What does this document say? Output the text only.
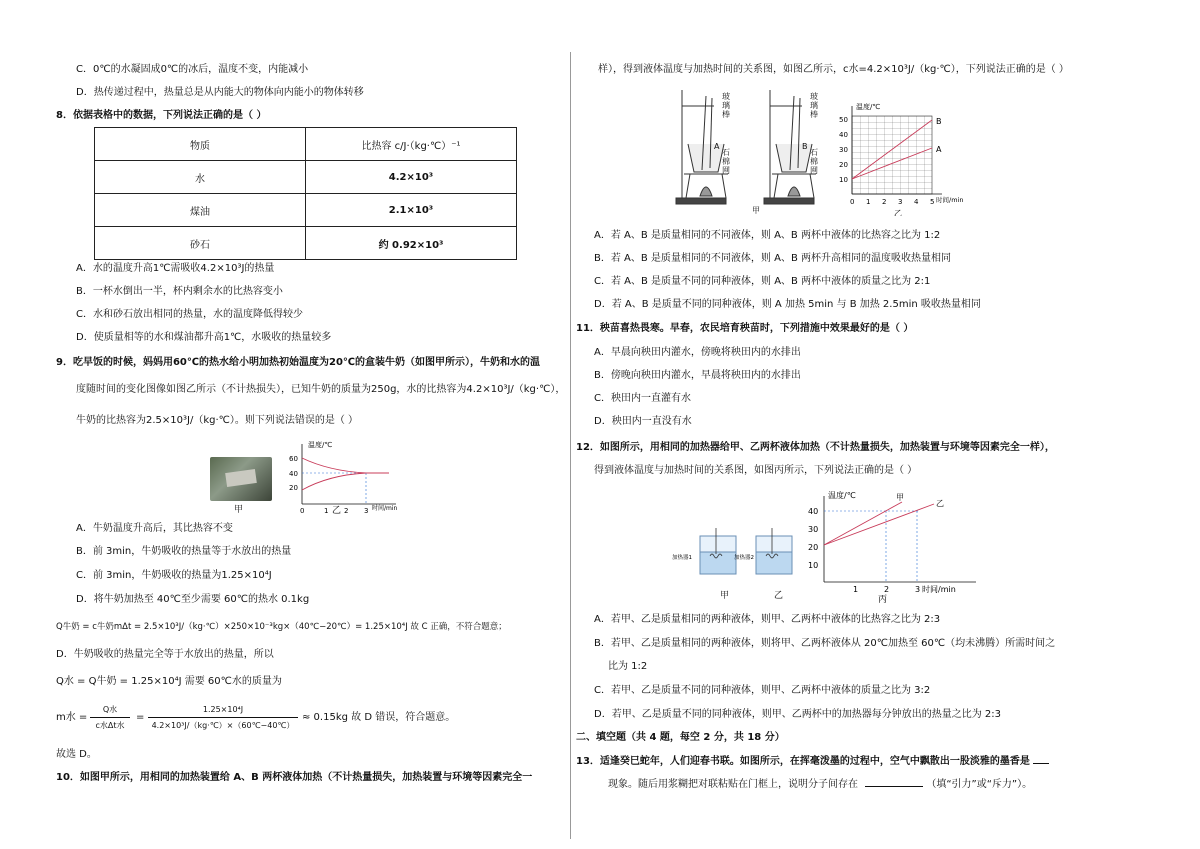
C．0℃的水凝固成0℃的冰后，温度不变，内能减小
D．热传递过程中，热量总是从内能大的物体向内能小的物体转移
8．依据表格中的数据，下列说法正确的是（ ）
物质	比热容 c/J·（kg·℃）⁻¹
水	4.2×10³
煤油	2.1×10³
砂石	约 0.92×10³
A．水的温度升高1℃需吸收4.2×10³J的热量
B．一杯水倒出一半，杯内剩余水的比热容变小
C．水和砂石放出相同的热量，水的温度降低得较少
D．使质量相等的水和煤油都升高1℃，水吸收的热量较多
9．吃早饭的时候，妈妈用60℃的热水给小明加热初始温度为20℃的盒装牛奶（如图甲所示），牛奶和水的温
度随时间的变化图像如图乙所示（不计热损失），已知牛奶的质量为250g，水的比热容为4.2×10³J/（kg·℃），
牛奶的比热容为2.5×10³J/（kg·℃）。则下列说法错误的是（ ）
甲
温度/℃
60
40
20
0	1 2 3 时间/min
乙
A．牛奶温度升高后，其比热容不变
B．前 3min，牛奶吸收的热量等于水放出的热量
C．前 3min，牛奶吸收的热量为1.25×10⁴J
D．将牛奶加热至 40℃至少需要 60℃的热水 0.1kg
Q牛奶 = c牛奶mΔt = 2.5×10³J/（kg·℃）×250×10⁻³kg×（40℃−20℃）= 1.25×10⁴J 故 C 正确，不符合题意；
D．牛奶吸收的热量完全等于水放出的热量，所以
Q水 = Q牛奶 = 1.25×10⁴J 需要 60℃水的质量为
m水 =
Q水
c水Δt水
=
1.25×10⁴J
4.2×10³J/（kg·℃）×（60℃−40℃）
≈ 0.15kg 故 D 错误，符合题意。
故选 D。
10．如图甲所示，用相同的加热装置给 A、B 两杯液体加热（不计热量损失，加热装置与环境等因素完全一
样），得到液体温度与加热时间的关系图，如图乙所示，c水=4.2×10³J/（kg·℃），下列说法正确的是（ ）
玻璃棒
玻璃棒
石棉网
石棉网
A	B
甲
温度/℃
50
40
30
20
10
0 1 2 3 4 5 时间/min
B
A
乙
A．若 A、B 是质量相同的不同液体，则 A、B 两杯中液体的比热容之比为 1:2
B．若 A、B 是质量相同的不同液体，则 A、B 两杯升高相同的温度吸收热量相同
C．若 A、B 是质量不同的同种液体，则 A、B 两杯中液体的质量之比为 2:1
D．若 A、B 是质量不同的同种液体，则 A 加热 5min 与 B 加热 2.5min 吸收热量相同
11．秧苗喜热畏寒。早春，农民培育秧苗时，下列措施中效果最好的是（ ）
A．早晨向秧田内灌水，傍晚将秧田内的水排出
B．傍晚向秧田内灌水，早晨将秧田内的水排出
C．秧田内一直灌有水
D．秧田内一直没有水
12．如图所示，用相同的加热器给甲、乙两杯液体加热（不计热量损失，加热装置与环境等因素完全一样），
得到液体温度与加热时间的关系图，如图丙所示，下列说法正确的是（ ）
加热器1	加热器2
甲	乙
温度/℃
40
30
20
10
1	2	3 时间/min
甲
乙
丙
A．若甲、乙是质量相同的两种液体，则甲、乙两杯中液体的比热容之比为 2:3
B．若甲、乙是质量相同的两种液体，则将甲、乙两杯液体从 20℃加热至 60℃（均未沸腾）所需时间之
比为 1:2
C．若甲、乙是质量不同的同种液体，则甲、乙两杯中液体的质量之比为 3:2
D．若甲、乙是质量不同的同种液体，则甲、乙两杯中的加热器每分钟放出的热量之比为 2:3
二、填空题（共 4 题，每空 2 分，共 18 分）
13．适逢癸巳蛇年，人们迎春书联。如图所示，在挥毫泼墨的过程中，空气中飘散出一股淡雅的墨香是
现象。随后用浆糊把对联粘贴在门框上，说明分子间存在	（填“引力”或“斥力”）。
